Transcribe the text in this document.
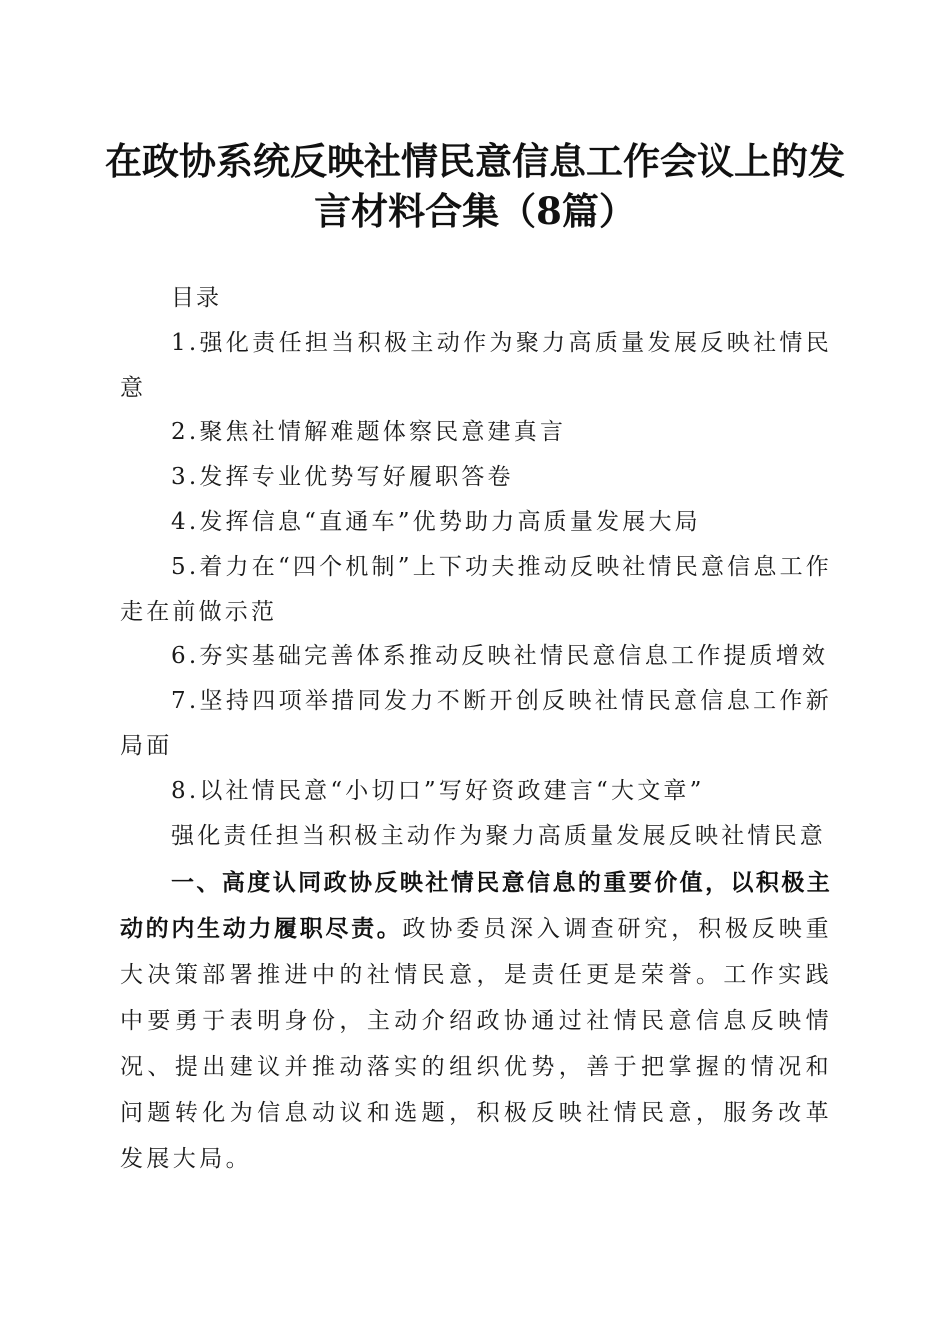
在政协系统反映社情民意信息工作会议上的发
言材料合集（8篇）

目录

1.强化责任担当积极主动作为聚力高质量发展反映社情民意

2.聚焦社情解难题体察民意建真言

3.发挥专业优势写好履职答卷

4.发挥信息“直通车”优势助力高质量发展大局

5.着力在“四个机制”上下功夫推动反映社情民意信息工作走在前做示范

6.夯实基础完善体系推动反映社情民意信息工作提质增效

7.坚持四项举措同发力不断开创反映社情民意信息工作新局面

8.以社情民意“小切口”写好资政建言“大文章”

强化责任担当积极主动作为聚力高质量发展反映社情民意

一、高度认同政协反映社情民意信息的重要价值，以积极主动的内生动力履职尽责。政协委员深入调查研究，积极反映重大决策部署推进中的社情民意，是责任更是荣誉。工作实践中要勇于表明身份，主动介绍政协通过社情民意信息反映情况、提出建议并推动落实的组织优势，善于把掌握的情况和问题转化为信息动议和选题，积极反映社情民意，服务改革发展大局。
